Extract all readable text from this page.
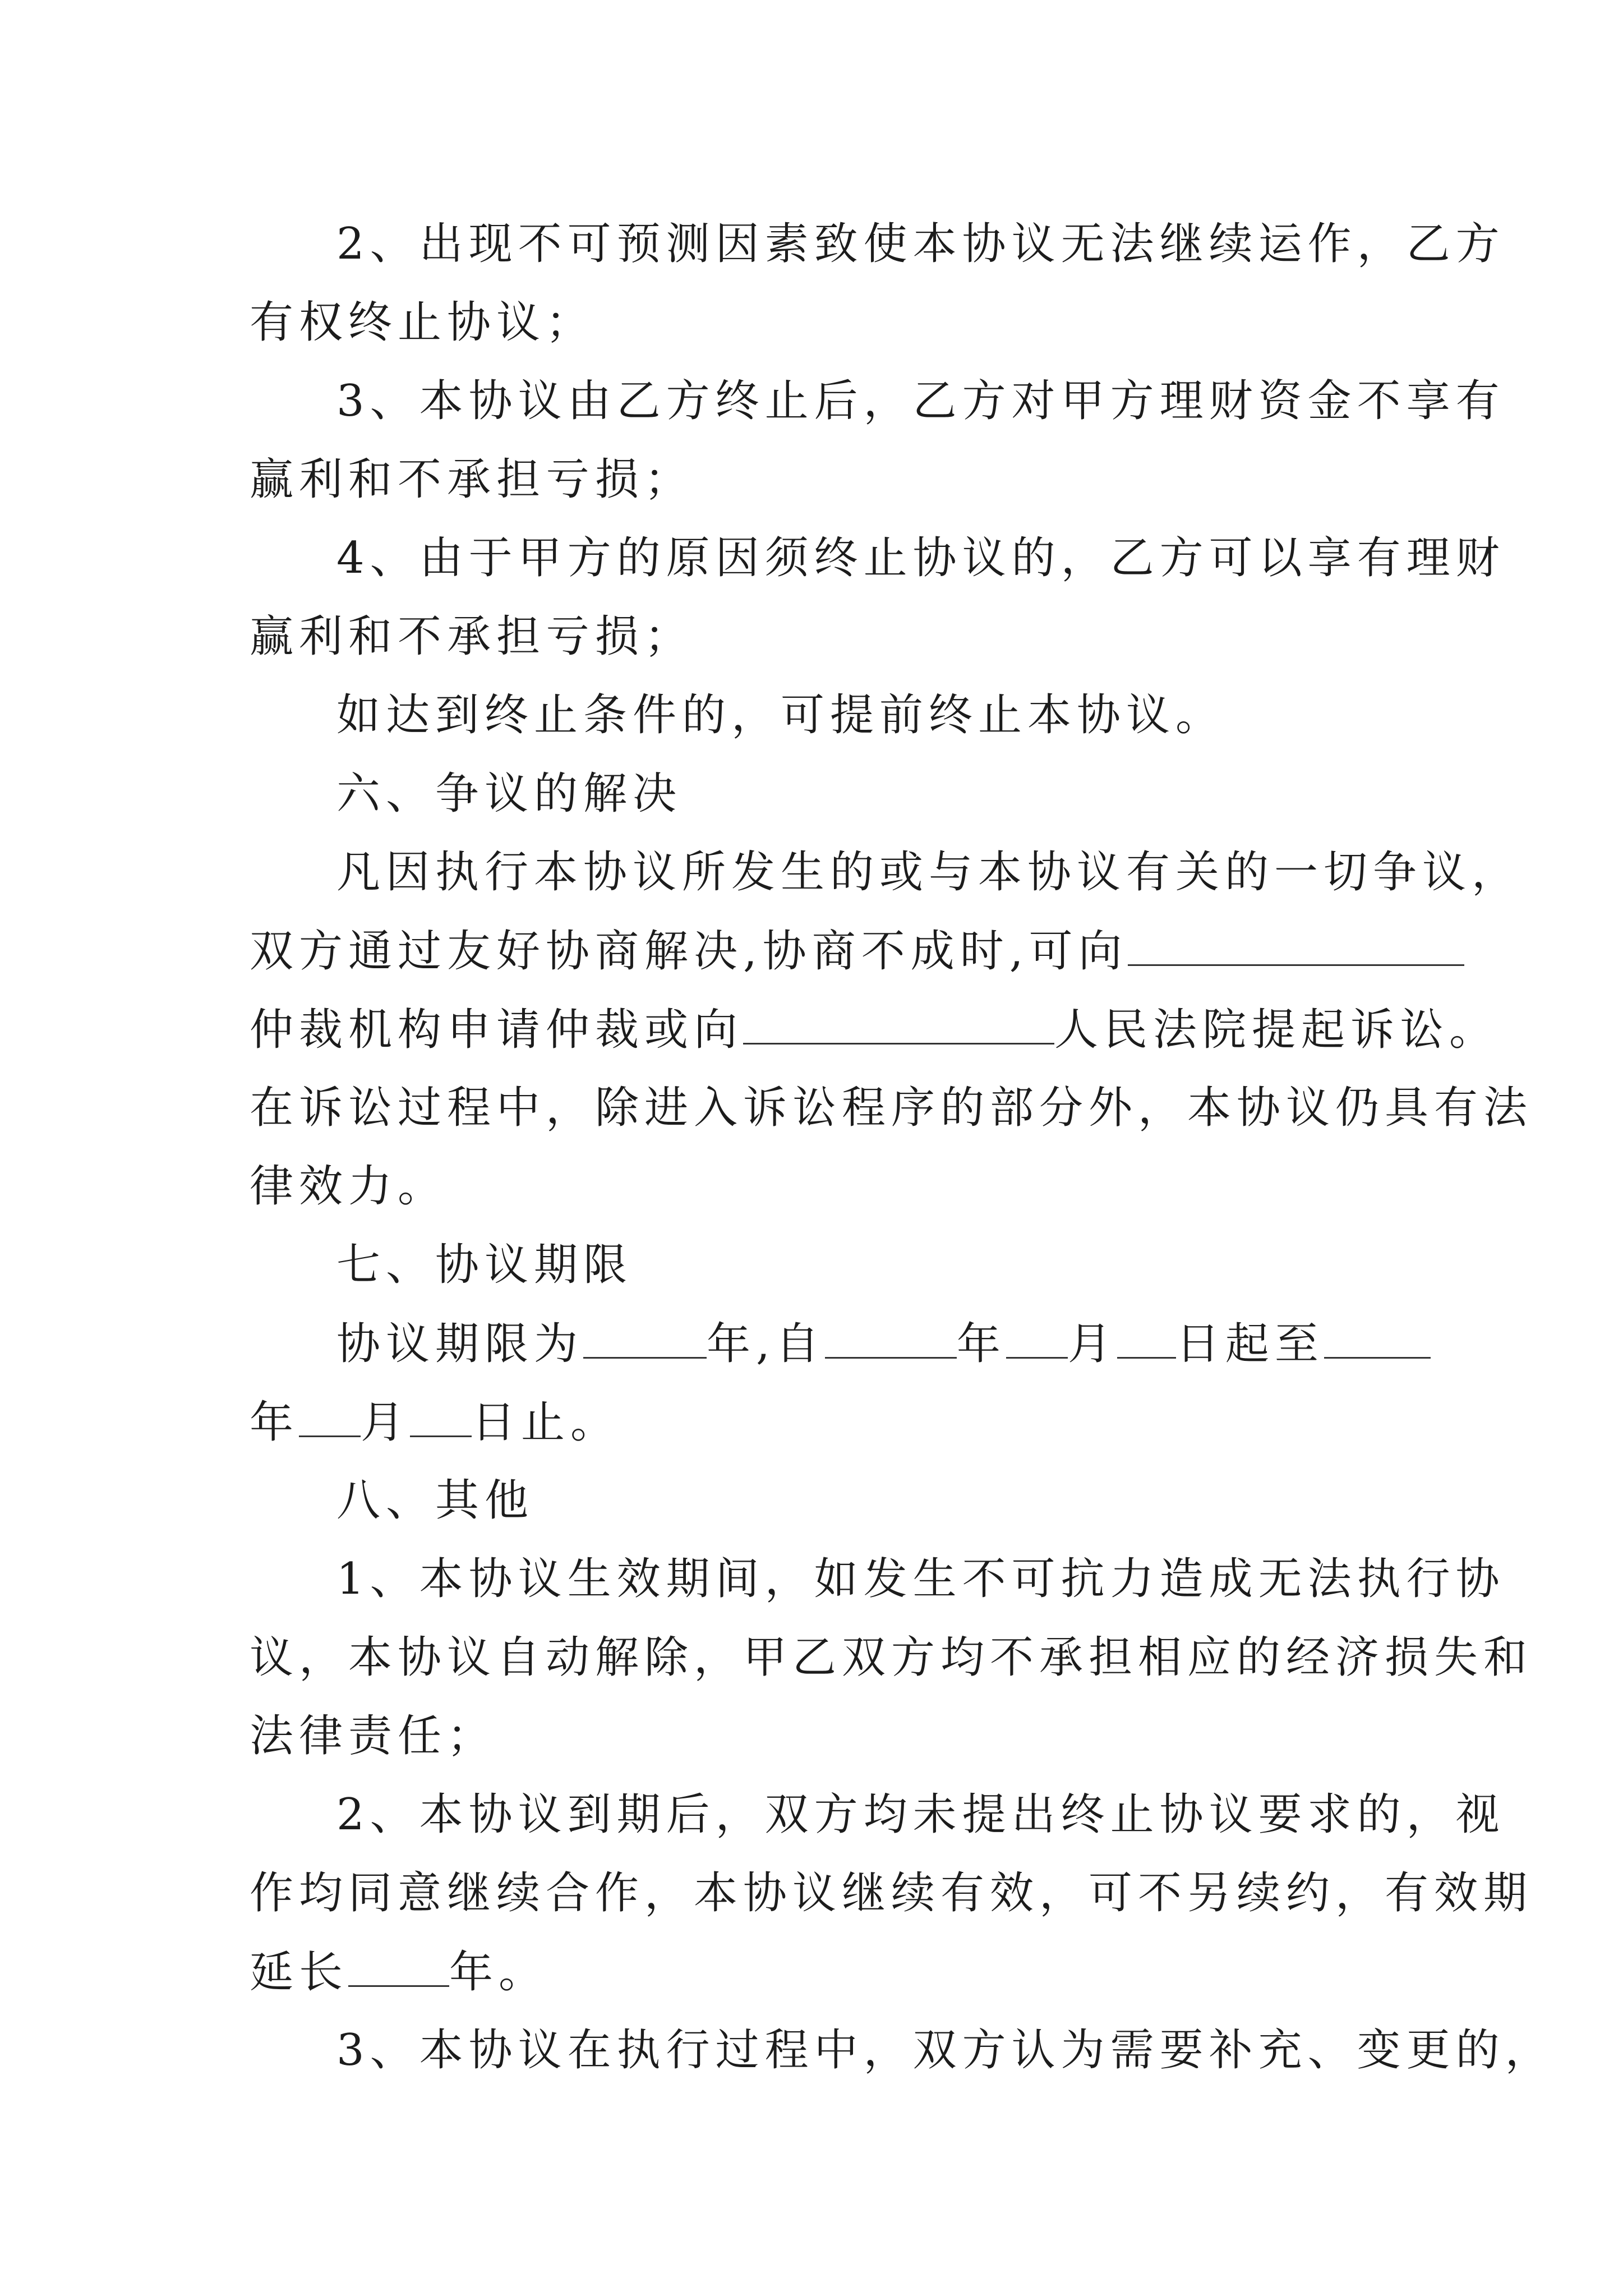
2、出现不可预测因素致使本协议无法继续运作，乙方
有权终止协议；
3、本协议由乙方终止后，乙方对甲方理财资金不享有
赢利和不承担亏损；
4、由于甲方的原因须终止协议的，乙方可以享有理财
赢利和不承担亏损；
如达到终止条件的，可提前终止本协议。
六、争议的解决
凡因执行本协议所发生的或与本协议有关的一切争议，
双方通过友好协商解决,协商不成时,可向
仲裁机构申请仲裁或向	人民法院提起诉讼。
在诉讼过程中，除进入诉讼程序的部分外，本协议仍具有法
律效力。
七、协议期限
协议期限为	年,自	年 月 日起至
年 月 日止。
八、其他
1、本协议生效期间，如发生不可抗力造成无法执行协
议，本协议自动解除，甲乙双方均不承担相应的经济损失和
法律责任；
2、本协议到期后，双方均未提出终止协议要求的，视
作均同意继续合作，本协议继续有效，可不另续约，有效期
延长 年。
3、本协议在执行过程中，双方认为需要补充、变更的，
